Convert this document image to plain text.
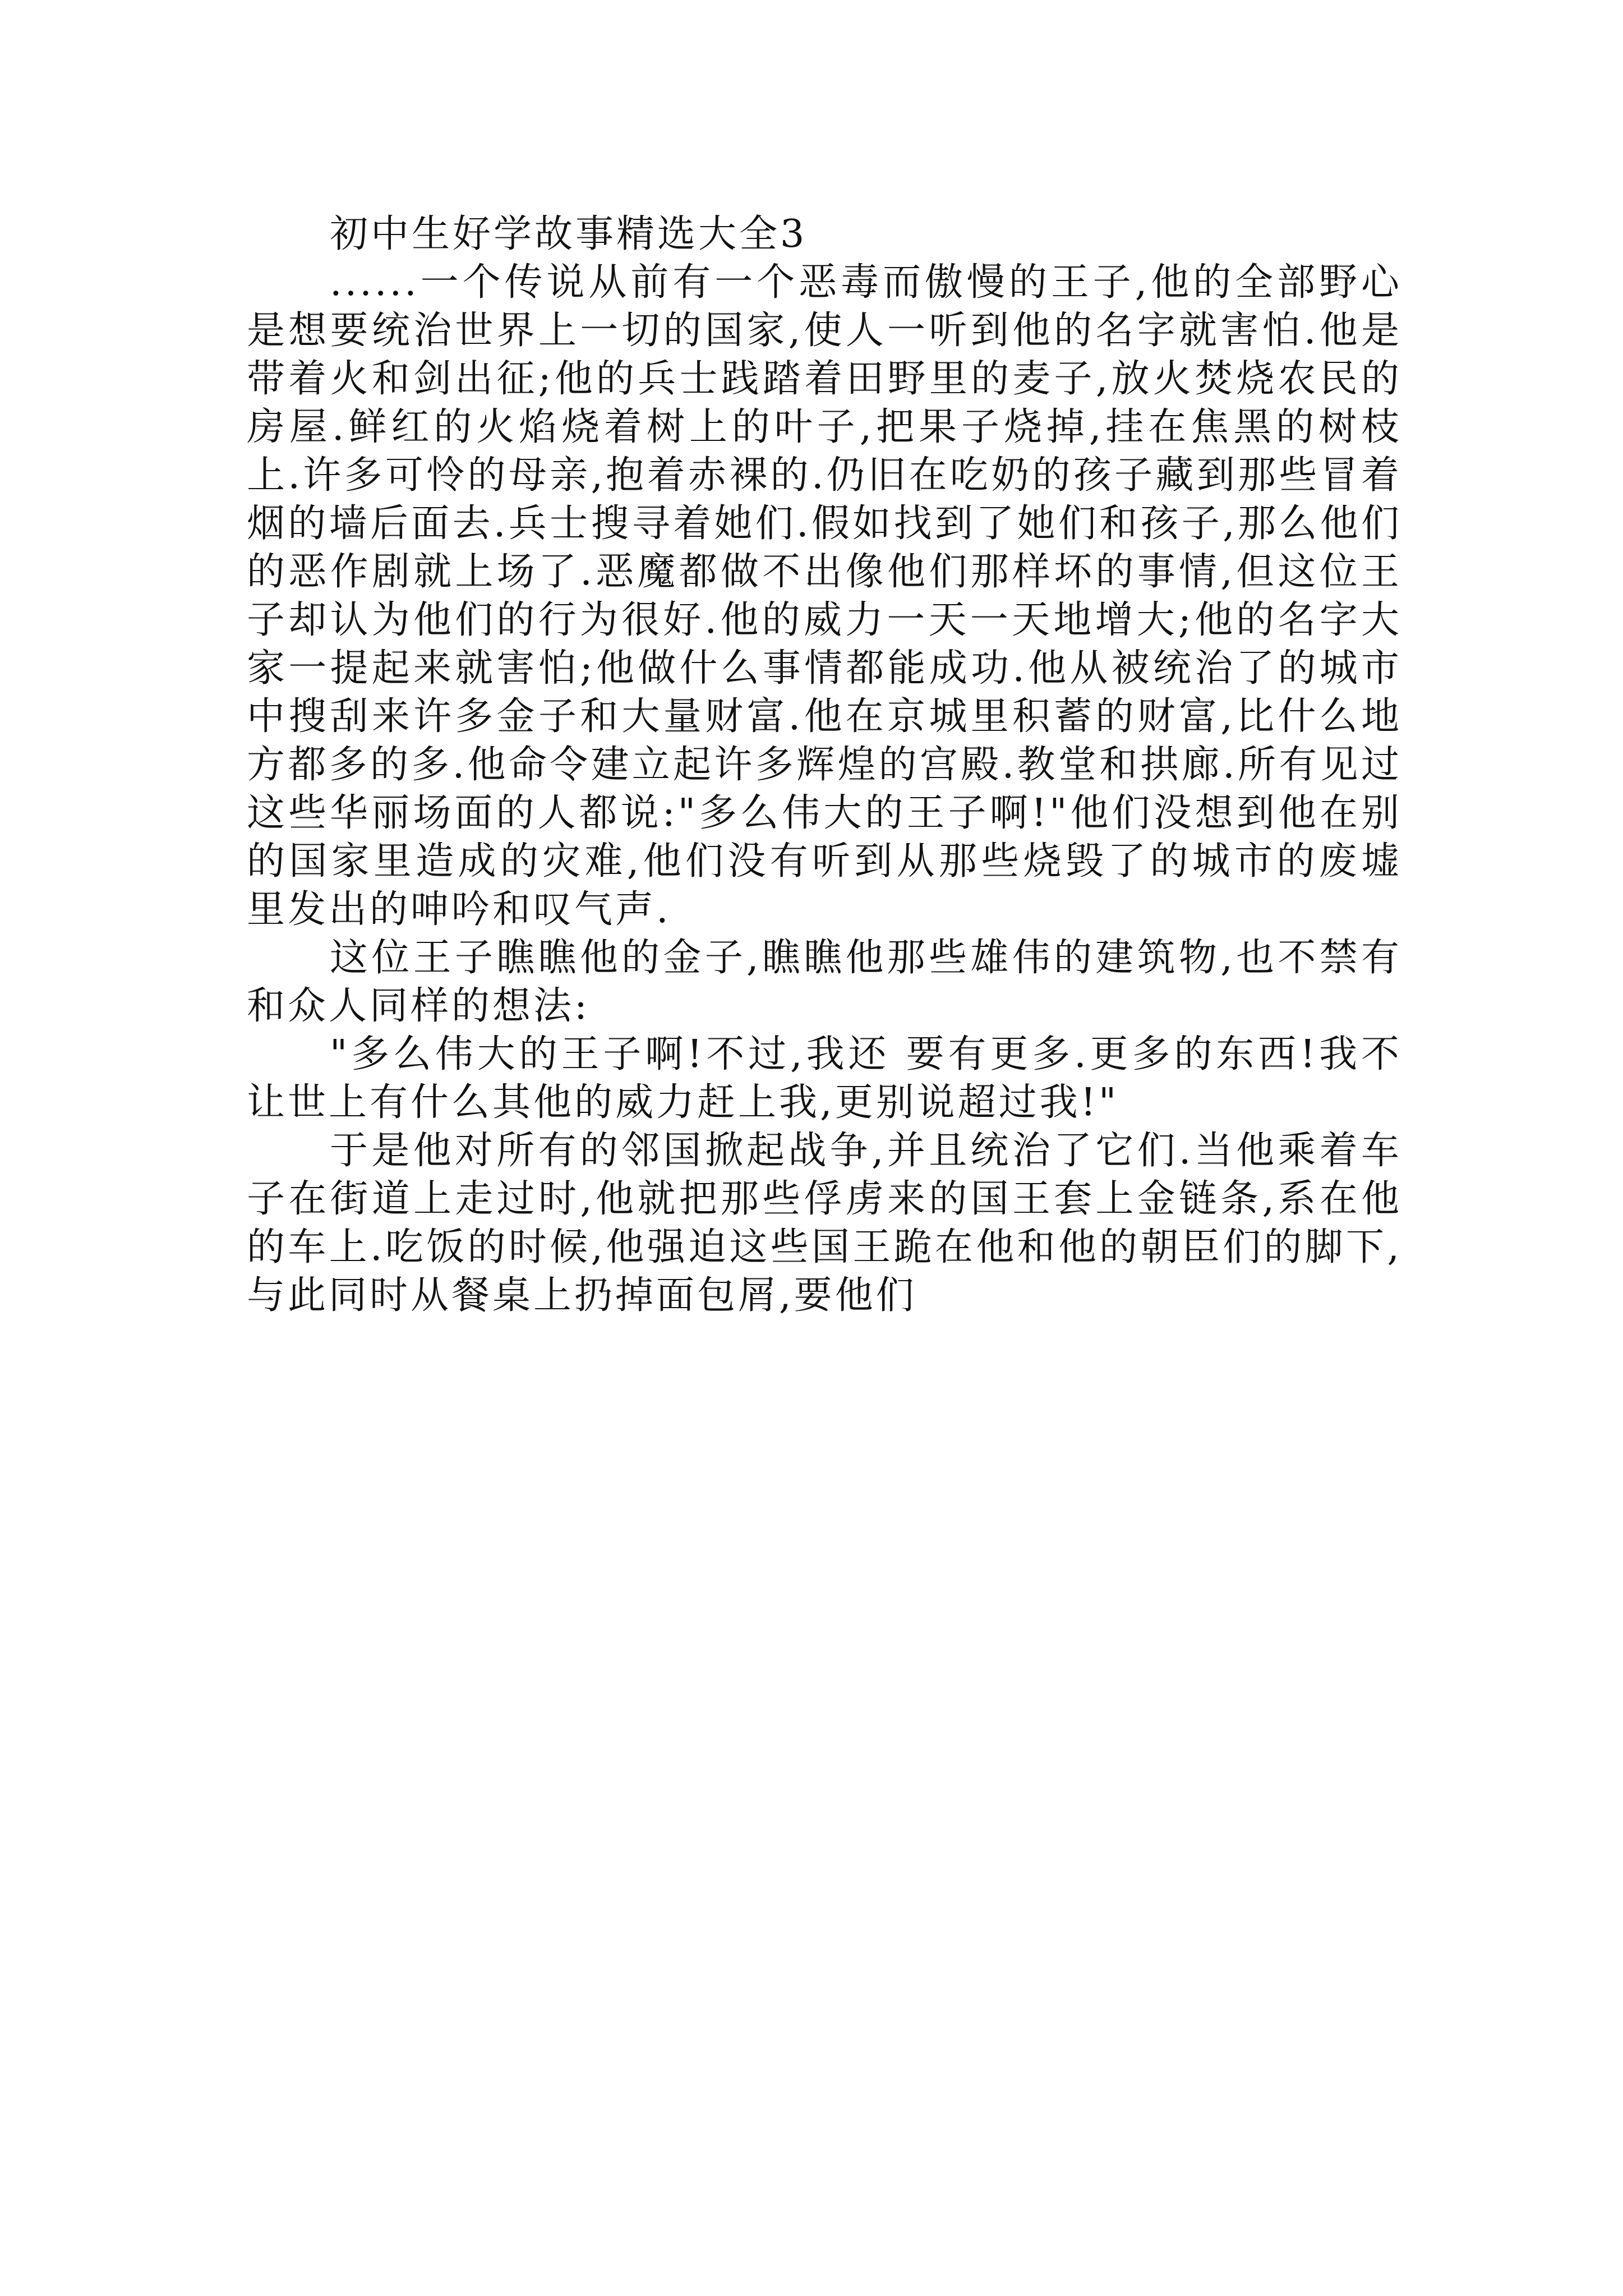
初中生好学故事精选大全3

......一个传说从前有一个恶毒而傲慢的王子,他的全部野心是想要统治世界上一切的国家,使人一听到他的名字就害怕.他是带着火和剑出征;他的兵士践踏着田野里的麦子,放火焚烧农民的房屋.鲜红的火焰烧着树上的叶子,把果子烧掉,挂在焦黑的树枝上.许多可怜的母亲,抱着赤裸的.仍旧在吃奶的孩子藏到那些冒着烟的墙后面去.兵士搜寻着她们.假如找到了她们和孩子,那么他们的恶作剧就上场了.恶魔都做不出像他们那样坏的事情,但这位王子却认为他们的行为很好.他的威力一天一天地增大;他的名字大家一提起来就害怕;他做什么事情都能成功.他从被统治了的城市中搜刮来许多金子和大量财富.他在京城里积蓄的财富,比什么地方都多的多.他命令建立起许多辉煌的宫殿.教堂和拱廊.所有见过这些华丽场面的人都说:"多么伟大的王子啊!"他们没想到他在别的国家里造成的灾难,他们没有听到从那些烧毁了的城市的废墟里发出的呻吟和叹气声.

这位王子瞧瞧他的金子,瞧瞧他那些雄伟的建筑物,也不禁有和众人同样的想法:

"多么伟大的王子啊!不过,我还 要有更多.更多的东西!我不让世上有什么其他的威力赶上我,更别说超过我!"

于是他对所有的邻国掀起战争,并且统治了它们.当他乘着车子在街道上走过时,他就把那些俘虏来的国王套上金链条,系在他的车上.吃饭的时候,他强迫这些国王跪在他和他的朝臣们的脚下,与此同时从餐桌上扔掉面包屑,要他们
